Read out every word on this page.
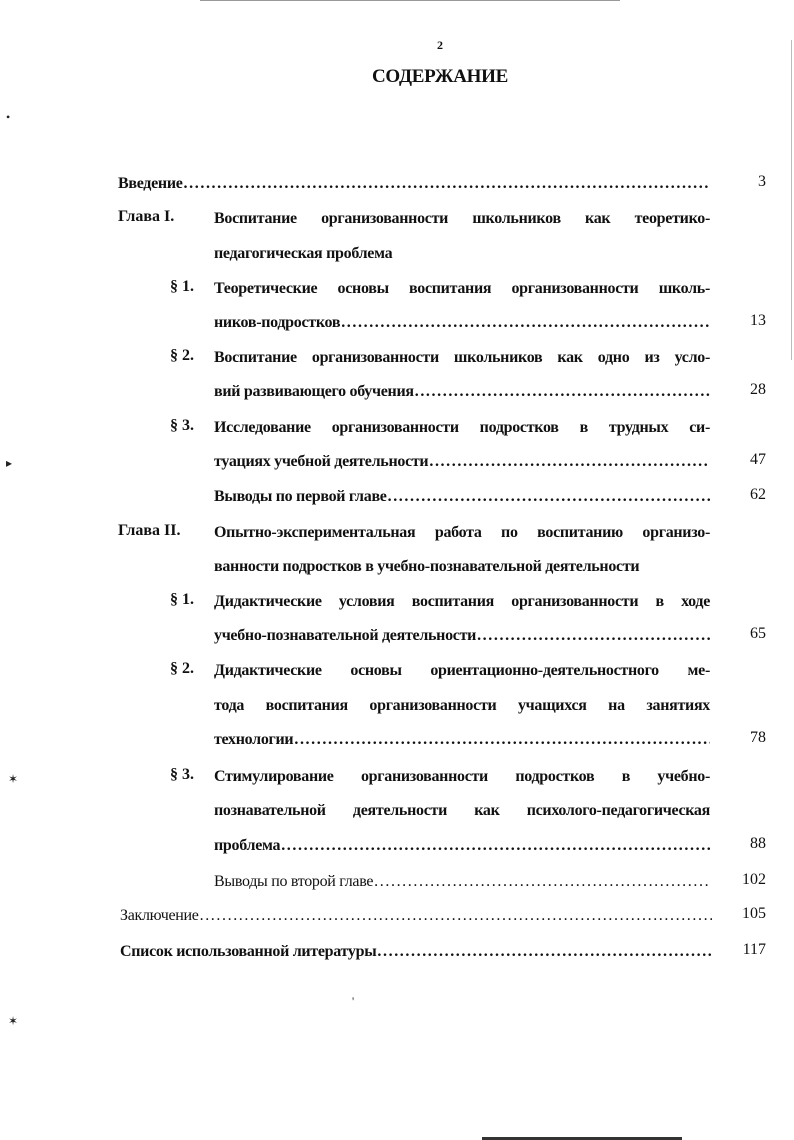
2
СОДЕРЖАНИЕ
Введение . . .	3
Глава I. Воспитание организованности школьников как теоретико-
педагогическая проблема
§ 1. Теоретические основы воспитания организованности школь-
ников-подростков . . .	13
§ 2. Воспитание организованности школьников как одно из усло-
вий развивающего обучения . . .	28
§ 3. Исследование организованности подростков в трудных си-
туациях учебной деятельности . . .	47
Выводы по первой главе . . .	62
Глава II. Опытно-экспериментальная работа по воспитанию организо-
ванности подростков в учебно-познавательной деятельности
§ 1. Дидактические условия воспитания организованности в ходе
учебно-познавательной деятельности . . .	65
§ 2. Дидактические основы ориентационно-деятельностного ме-
тода воспитания организованности учащихся на занятиях
технологии . . .	78
§ 3. Стимулирование организованности подростков в учебно-
познавательной деятельности как психолого-педагогическая
проблема . . .	88
Выводы по второй главе . . .	102
Заключение . . .	105
Список использованной литературы . . .	117
•
▸
✶
✶
'
